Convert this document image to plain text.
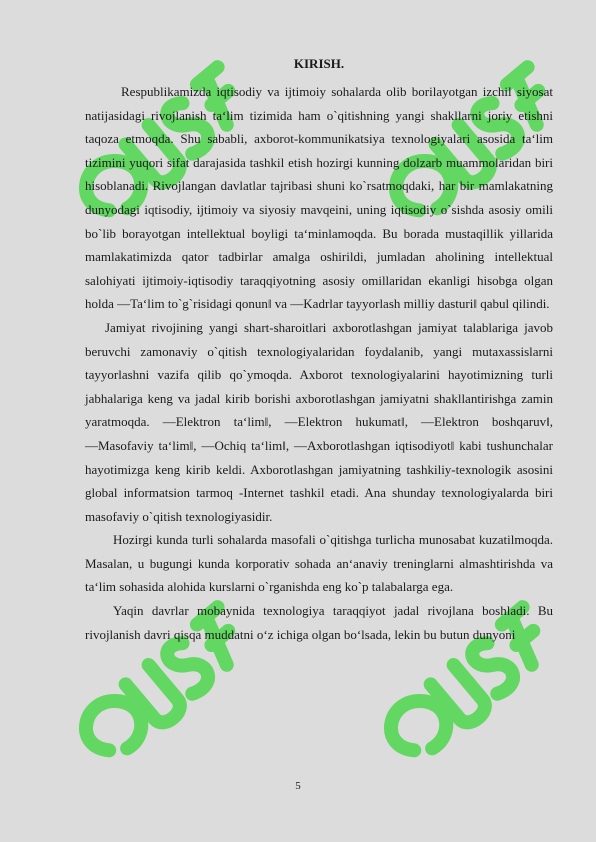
KIRISH.

Respublikamizda iqtisodiy va ijtimoiy sohalarda olib borilayotgan izchil siyosat natijasidagi rivojlanish ta‘lim tizimida ham o`qitishning yangi shakllarni joriy etishni taqozа etmoqda. Shu sababli, axborot-kommunikatsiya texnologiyalari asosida ta‘lim tizimini yuqori sifat darajasida tashkil etish hozirgi kunning dolzarb muammolaridan biri hisoblanadi. Rivojlangan davlatlar tajribasi shuni ko`rsatmoqdaki, har bir mamlakatning dunyodagi iqtisodiy, ijtimoiy va siyosiy mavqeini, uning iqtisodiy o`sishda asosiy omili bo`lib borayotgan intellektual boyligi ta‘minlamoqda. Bu borada mustaqillik yillarida mamlakatimizda qator tadbirlar amalga oshirildi, jumladan aholining intellektual salohiyati ijtimoiy-iqtisodiy taraqqiyotning asosiy omillaridan ekanligi hisobga olgan holda ―Ta‘lim to`g`risidagi qonun‖ va ―Kadrlar tayyorlash milliy dasturi‖ qabul qilindi.

Jamiyat rivojining yangi shart-sharoitlari axborotlashgan jamiyat talablariga javob beruvchi zamonaviy o`qitish texnologiyalaridan foydalanib, yangi mutaxassislarni tayyorlashni vazifa qilib qo`ymoqda. Axborot texnologiyalarini hayotimizning turli jabhalariga keng va jadal kirib borishi axborotlashgan jamiyatni shakllantirishga zamin yaratmoqda. ―Elektron ta‘lim‖, ―Elektron hukumat‖, ―Elektron boshqaruv‖, ―Masofaviy ta‘lim‖, ―Ochiq ta‘lim‖, ―Axborotlashgan iqtisodiyot‖ kabi tushunchalar hayotimizga keng kirib keldi. Axborotlashgan jamiyatning tashkiliy-texnologik asosini global informatsion tarmoq -Internet tashkil etadi. Ana shunday texnologiyalarda biri masofaviy o`qitish texnologiyasidir.

Hozirgi kunda turli sohalarda masofali o`qitishga turlicha munosabat kuzatilmoqda. Masalan, u bugungi kunda korporativ sohada an‘anaviy treninglarni almashtirishda va ta‘lim sohasida alohida kurslarni o`rganishda eng ko`p talabalarga ega.

Yaqin davrlar mobaynida texnologiya taraqqiyot jadal rivojlana boshladi. Bu rivojlanish davri qisqa muddatni o‘z ichiga olgan bo‘lsada, lekin bu butun dunyoni

5
